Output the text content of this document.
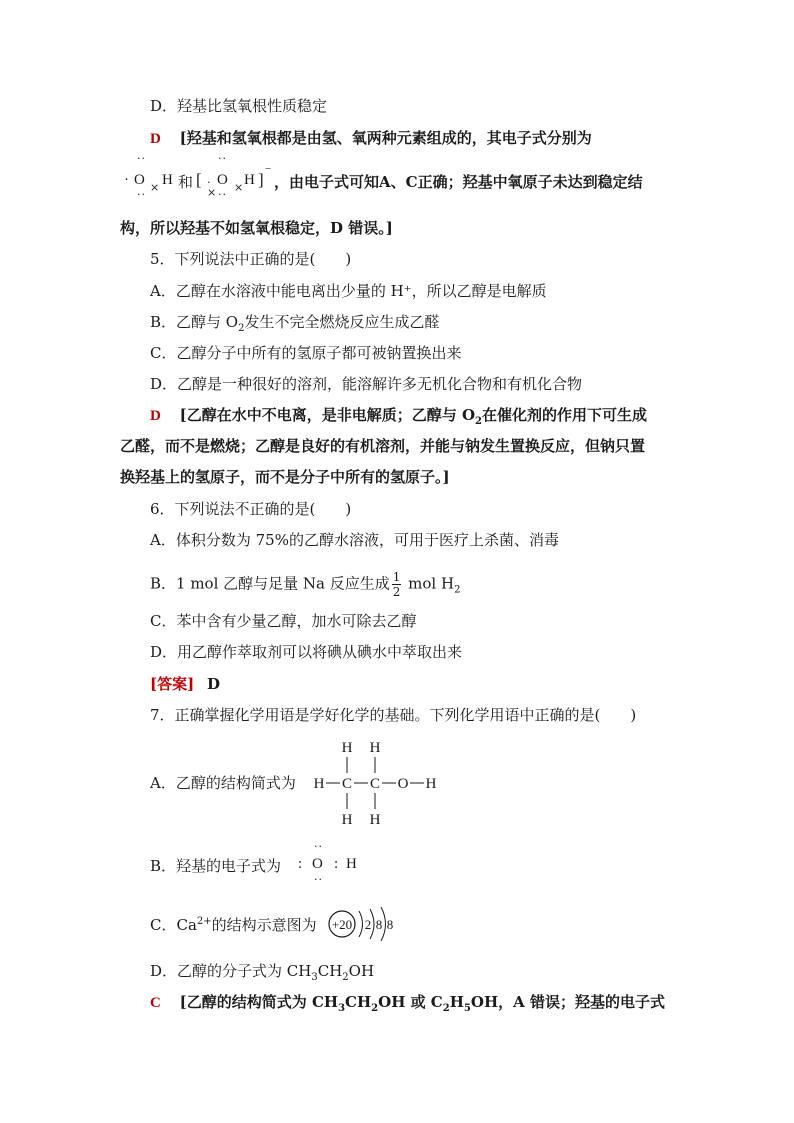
D．羟基比氢氧根性质稳定
D [羟基和氢氧根都是由氢、氧两种元素组成的，其电子式分别为
··
· O
··
× H 和 [ ·
×
··
O
··
× H ]
−
，由电子式可知A、C正确；羟基中氧原子未达到稳定结
构，所以羟基不如氢氧根稳定，D 错误。]
5．下列说法中正确的是(　　)
A．乙醇在水溶液中能电离出少量的 H⁺，所以乙醇是电解质
B．乙醇与 $O_2$发生不完全燃烧反应生成乙醛
C．乙醇分子中所有的氢原子都可被钠置换出来
D．乙醇是一种很好的溶剂，能溶解许多无机化合物和有机化合物
D [乙醇在水中不电离，是非电解质；乙醇与 $O_2$在催化剂的作用下可生成
乙醛，而不是燃烧；乙醇是良好的有机溶剂，并能与钠发生置换反应，但钠只置
换羟基上的氢原子，而不是分子中所有的氢原子。]
6．下列说法不正确的是(　　)
A．体积分数为 75%的乙醇水溶液，可用于医疗上杀菌、消毒
B．1 mol 乙醇与足量 Na 反应生成 $\frac{1}{2}$ mol $H_2$
C．苯中含有少量乙醇，加水可除去乙醇
D．用乙醇作萃取剂可以将碘从碘水中萃取出来
[答案] D
7．正确掌握化学用语是学好化学的基础。下列化学用语中正确的是(　　)
A．乙醇的结构简式为
H H
H C C O H
H H
B．羟基的电子式为
··
: O
··
: H
C．$Ca^{2+}$的结构示意图为 +20 2 8 8
D．乙醇的分子式为 $CH_3CH_2OH$
C [乙醇的结构简式为 $CH_3CH_2OH$ 或 $C_2H_5OH$，A 错误；羟基的电子式
